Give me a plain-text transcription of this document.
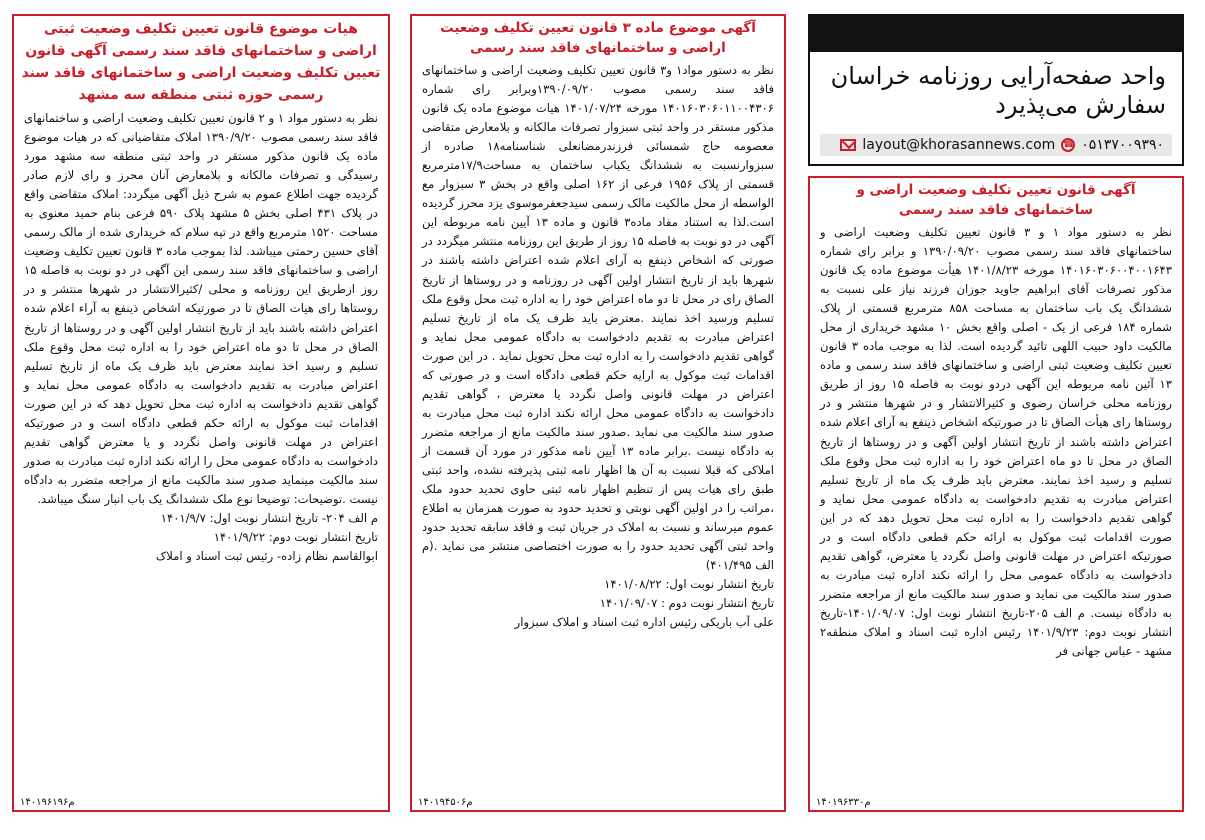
واحد صفحه‌آرایی روزنامه خراسان
سفارش می‌پذیرد
layout@khorasannews.com ☎ ۰۵۱۳۷۰۰۹۳۹۰
آگهی قانون تعیین تکلیف وضعیت اراضی و ساختمانهای فاقد سند رسمی

نظر به دستور مواد ۱ و ۳ قانون تعیین تکلیف وضعیت اراضی و ساختمانهای فاقد سند رسمی مصوب ۱۳۹۰/۰۹/۲۰ و برابر رای شماره ۱۴۰۱۶۰۳۰۶۰۰۴۰۰۱۶۴۳ مورخه ۱۴۰۱/۸/۲۳ هیأت موضوع ماده یک قانون مذکور تصرفات آقای ابراهیم جاوید جوزان فرزند نیاز علی نسبت به ششدانگ یک باب ساختمان به مساحت ۸۵۸ مترمربع قسمتی از پلاک شماره ۱۸۴ فرعی از یک - اصلی واقع بخش ۱۰ مشهد خریداری از محل مالکیت داود حبیب اللهی تائید گردیده است. لذا به موجب ماده ۳ قانون تعیین تکلیف وضعیت ثبتی اراضی و ساختمانهای فاقد سند رسمی و ماده ۱۳ آئین نامه مربوطه این آگهی دردو نوبت به فاصله ۱۵ روز از طریق روزنامه محلی خراسان رضوی و کثیرالانتشار و در شهرها منتشر و در روستاها رای هیأت الصاق تا در صورتیکه اشخاص ذینفع به آرای اعلام شده اعتراض داشته باشند از تاریخ انتشار اولین آگهی و در روستاها از تاریخ الصاق در محل تا دو ماه اعتراض خود را به اداره ثبت محل وقوع ملک تسلیم و رسید اخذ نمایند. معترض باید ظرف یک ماه از تاریخ تسلیم اعتراض مبادرت به تقدیم دادخواست به دادگاه عمومی محل نماید و گواهی تقدیم دادخواست را به اداره ثبت محل تحویل دهد که در این صورت اقدامات ثبت موکول به ارائه حکم قطعی دادگاه است و در صورتیکه اعتراض در مهلت قانونی واصل نگردد یا معترض، گواهی تقدیم دادخواست به دادگاه عمومی محل را ارائه نکند اداره ثبت مبادرت به صدور سند مالکیت می نماید و صدور سند مالکیت مانع از مراجعه متضرر به دادگاه نیست. م الف ۲۰۵-تاریخ انتشار نوبت اول: ۱۴۰۱/۰۹/۰۷-تاریخ انتشار نوبت دوم: ۱۴۰۱/۹/۲۳ رئیس اداره ثبت اسناد و املاک منطقه۲ مشهد - عباس جهانی فر

م۱۴۰۱۹۶۳۳۰
آگهی موضوع ماده ۳ قانون تعیین تکلیف وضعیت اراضی و ساختمانهای فاقد سند رسمی

نظر به دستور مواد۱ و۳ قانون تعیین تکلیف وضعیت اراضی و ساختمانهای فاقد سند رسمی مصوب ۱۳۹۰/۰۹/۲۰وبرابر رای شماره ۱۴۰۱۶۰۳۰۶۰۱۱۰۰۴۳۰۶ مورخه ۱۴۰۱/۰۷/۲۴ هیات موضوع ماده یک قانون مذکور مستقر در واحد ثبتی سبزوار تصرفات مالکانه و بلامعارض متقاضی معصومه حاج شمسائی فرزندرمضانعلی شناسنامه۱۸ صادره از سبزوارنسبت به ششدانگ یکباب ساختمان به مساحت۱۷/۹مترمربع قسمتی از پلاک ۱۹۵۶ فرعی از ۱۶۲ اصلی واقع در بخش ۳ سبزوار مع الواسطه از محل مالکیت مالک رسمی سیدجعفرموسوی یزد محرز گردیده است.لذا به استناد مفاد ماده۳ قانون و ماده ۱۳ آیین نامه مربوطه این آگهی در دو نوبت به فاصله ۱۵ روز از طریق این روزنامه منتشر میگردد در صورتی که اشخاص ذینفع به آرای اعلام شده اعتراض داشته باشند در شهرها باید از تاریخ انتشار اولین آگهی در روزنامه و در روستاها از تاریخ الصاق رای در محل تا دو ماه اعتراض خود را به اداره ثبت محل وقوع ملک تسلیم ورسید اخذ نمایند .معترض باید ظرف یک ماه از تاریخ تسلیم اعتراض مبادرت به تقدیم دادخواست به دادگاه عمومی محل نماید و گواهی تقدیم دادخواست را به اداره ثبت محل تحویل نماید . در این صورت اقدامات ثبت موکول به ارایه حکم قطعی دادگاه است و در صورتی که اعتراض در مهلت قانونی واصل نگردد یا معترض ، گواهی تقدیم دادخواست به دادگاه عمومی محل ارائه نکند اداره ثبت محل مبادرت به صدور سند مالکیت می نماید .صدور سند مالکیت مانع از مراجعه متضرر به دادگاه نیست .برابر ماده ۱۳ آیین نامه مذکور در مورد آن قسمت از املاکی که قبلا نسبت به آن ها اظهار نامه ثبتی پذیرفته نشده، واحد ثبتی طبق رای هیات پس از تنظیم اظهار نامه ثبتی حاوی تحدید حدود ملک ،مراتب را در اولین آگهی نوبتی و تحدید حدود به صورت همزمان به اطلاع عموم میرساند و نسبت به املاک در جریان ثبت و فاقد سابقه تحدید حدود واحد ثبتی آگهی تحدید حدود را به صورت اختصاصی منتشر می نماید .(م الف ۴۰۱/۴۹۵)

تاریخ انتشار نوبت اول: ۱۴۰۱/۰۸/۲۲

تاریخ انتشار نوبت دوم : ۱۴۰۱/۰۹/۰۷

علی آب باریکی رئیس اداره ثبت اسناد و املاک سبزوار

م۱۴۰۱۹۴۵۰۶
هیات موضوع قانون تعیین تکلیف وضعیت ثبتی اراضی و ساختمانهای فاقد سند رسمی آگهی قانون تعیین تکلیف وضعیت اراضی و ساختمانهای فاقد سند رسمی حوزه ثبتی منطقه سه مشهد

نظر به دستور مواد ۱ و ۲ قانون تعیین تکلیف وضعیت اراضی و ساختمانهای فاقد سند رسمی مصوب ۱۳۹۰/۹/۲۰ املاک متقاضیانی که در هیات موضوع ماده یک قانون مذکور مستقر در واحد ثبتی منطقه سه مشهد مورد رسیدگی و تصرفات مالکانه و بلامعارض آنان محرز و رای لازم صادر گردیده جهت اطلاع عموم به شرح ذیل آگهی میگردد: املاک متقاضی واقع در پلاک ۴۳۱ اصلی بخش ۵ مشهد پلاک ۵۹۰ فرعی بنام حمید معنوی به مساحت ۱۵۲۰ مترمربع واقع در تپه سلام که خریداری شده از مالک رسمی آقای حسین رحمتی میباشد. لذا بموجب ماده ۳ قانون تعیین تکلیف وضعیت اراضی و ساختمانهای فاقد سند رسمی این آگهی در دو نوبت به فاصله ۱۵ روز ازطریق این روزنامه و محلی /کثیرالانتشار در شهرها منتشر و در روستاها رای هیات الصاق تا در صورتیکه اشخاص ذینفع به آراء اعلام شده اعتراض داشته باشند باید از تاریخ انتشار اولین آگهی و در روستاها از تاریخ الصاق در محل تا دو ماه اعتراض خود را به اداره ثبت محل وقوع ملک تسلیم و رسید اخذ نمایند معترض باید ظرف یک ماه از تاریخ تسلیم اعتراض مبادرت به تقدیم دادخواست به دادگاه عمومی محل نماید و گواهی تقدیم دادخواست به اداره ثبت محل تحویل دهد که در این صورت اقدامات ثبت موکول به ارائه حکم قطعی دادگاه است و در صورتیکه اعتراض در مهلت قانونی واصل نگردد و یا معترض گواهی تقدیم دادخواست به دادگاه عمومی محل را ارائه نکند اداره ثبت مبادرت به صدور سند مالکیت مینماید صدور سند مالکیت مانع از مراجعه متضرر به دادگاه نیست .توضیحات: توضیحا نوع ملک ششدانگ یک باب انبار سنگ میباشد.

م الف ۲۰۴- تاریخ انتشار نوبت اول: ۱۴۰۱/۹/۷

تاریخ انتشار نوبت دوم: ۱۴۰۱/۹/۲۲

ابوالقاسم نظام زاده- رئیس ثبت اسناد و املاک

م۱۴۰۱۹۶۱۹۶
